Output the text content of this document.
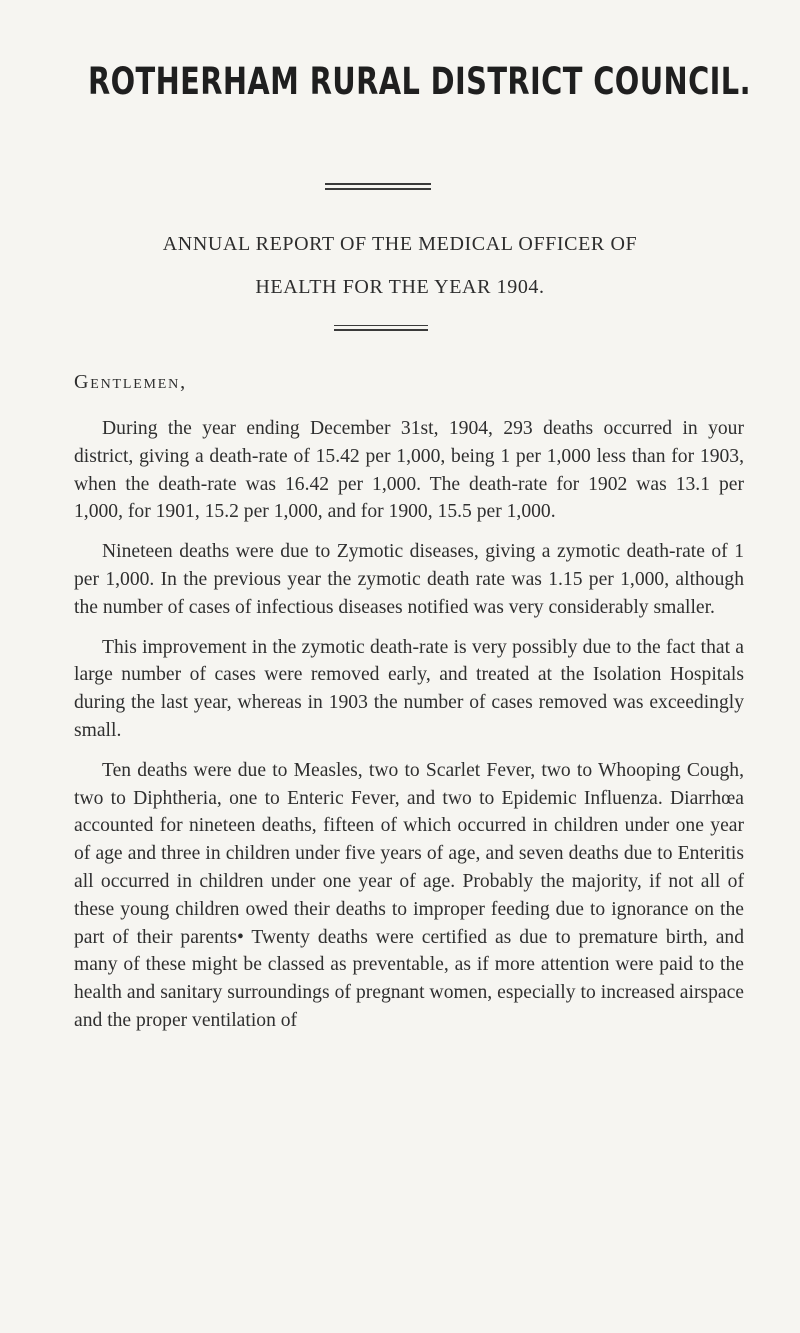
ROTHERHAM RURAL DISTRICT COUNCIL.
ANNUAL REPORT OF THE MEDICAL OFFICER OF
HEALTH FOR THE YEAR 1904.
Gentlemen,

During the year ending December 31st, 1904, 293 deaths occurred in your district, giving a death-rate of 15.42 per 1,000, being 1 per 1,000 less than for 1903, when the death-rate was 16.42 per 1,000. The death-rate for 1902 was 13.1 per 1,000, for 1901, 15.2 per 1,000, and for 1900, 15.5 per 1,000.

Nineteen deaths were due to Zymotic diseases, giving a zymotic death-rate of 1 per 1,000. In the previous year the zymotic death rate was 1.15 per 1,000, although the number of cases of infectious diseases notified was very considerably smaller.

This improvement in the zymotic death-rate is very possibly due to the fact that a large number of cases were removed early, and treated at the Isolation Hospitals during the last year, whereas in 1903 the number of cases removed was exceedingly small.

Ten deaths were due to Measles, two to Scarlet Fever, two to Whooping Cough, two to Diphtheria, one to Enteric Fever, and two to Epidemic Influenza. Diarrhœa accounted for nineteen deaths, fifteen of which occurred in children under one year of age and three in children under five years of age, and seven deaths due to Enteritis all occurred in children under one year of age. Probably the majority, if not all of these young children owed their deaths to improper feeding due to ignorance on the part of their parents• Twenty deaths were certified as due to premature birth, and many of these might be classed as preventable, as if more attention were paid to the health and sanitary surroundings of pregnant women, especially to increased airspace and the proper ventilation of
